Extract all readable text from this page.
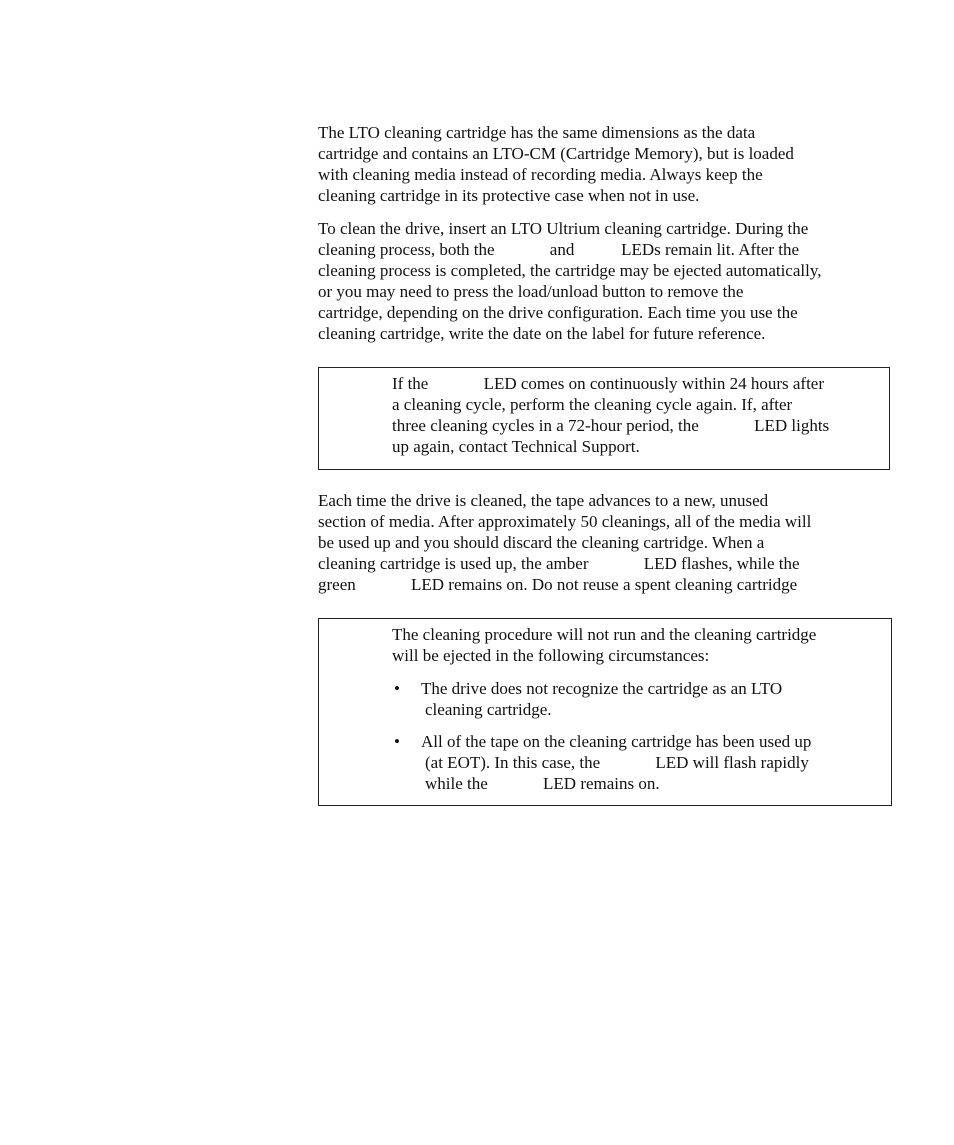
The LTO cleaning cartridge has the same dimensions as the data
cartridge and contains an LTO-CM (Cartridge Memory), but is loaded
with cleaning media instead of recording media. Always keep the
cleaning cartridge in its protective case when not in use.
To clean the drive, insert an LTO Ultrium cleaning cartridge. During the
cleaning process, both the             and           LEDs remain lit. After the
cleaning process is completed, the cartridge may be ejected automatically,
or you may need to press the load/unload button to remove the
cartridge, depending on the drive configuration. Each time you use the
cleaning cartridge, write the date on the label for future reference.
If the             LED comes on continuously within 24 hours after
a cleaning cycle, perform the cleaning cycle again. If, after
three cleaning cycles in a 72-hour period, the             LED lights
up again, contact Technical Support.
Each time the drive is cleaned, the tape advances to a new, unused
section of media. After approximately 50 cleanings, all of the media will
be used up and you should discard the cleaning cartridge. When a
cleaning cartridge is used up, the amber             LED flashes, while the
green             LED remains on. Do not reuse a spent cleaning cartridge
The cleaning procedure will not run and the cleaning cartridge
will be ejected in the following circumstances:
• The drive does not recognize the cartridge as an LTO
cleaning cartridge.
• All of the tape on the cleaning cartridge has been used up
(at EOT). In this case, the             LED will flash rapidly
while the             LED remains on.
